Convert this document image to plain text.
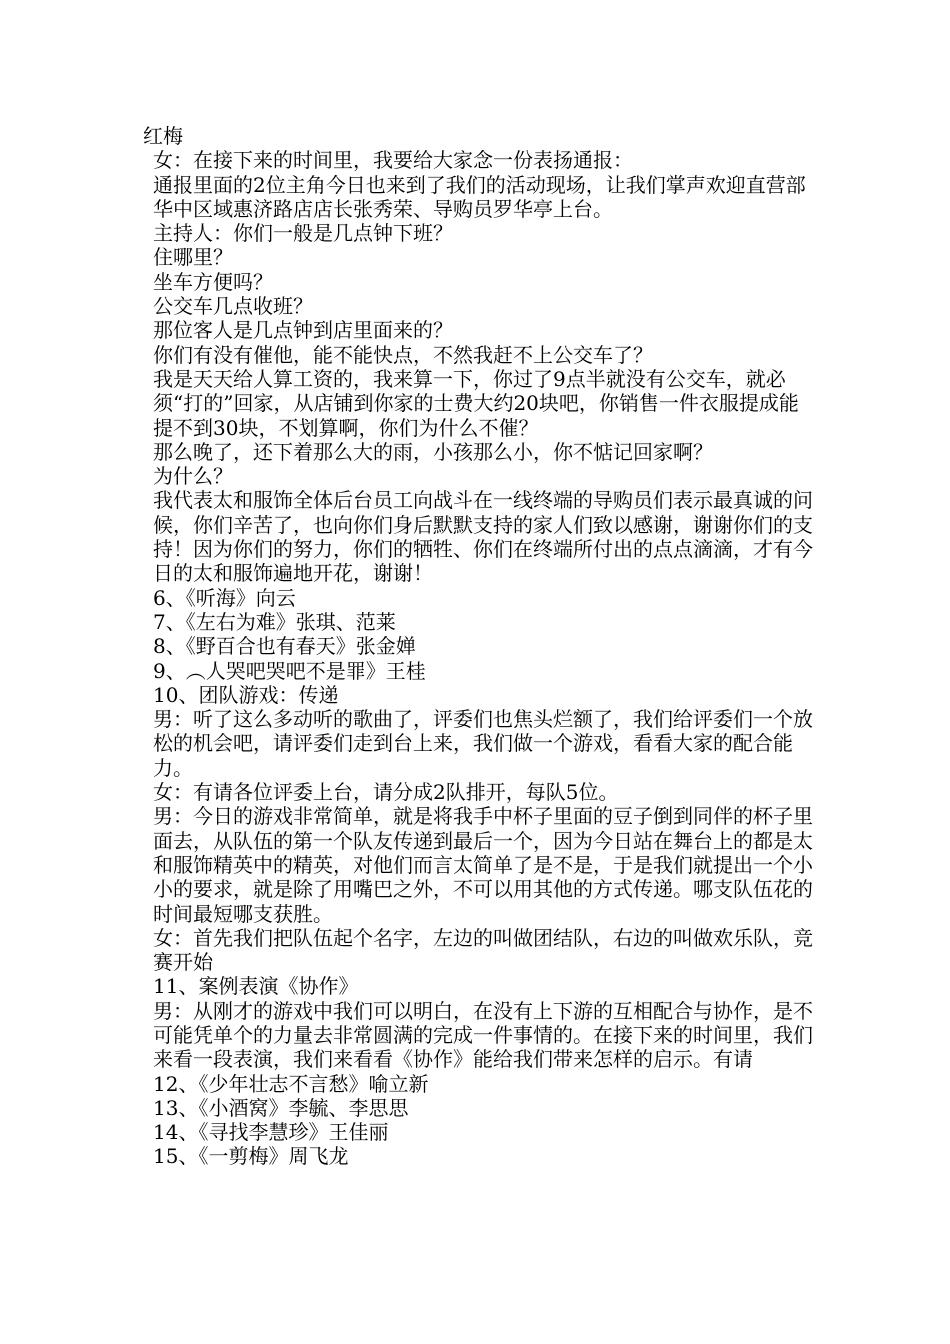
红梅

女：在接下来的时间里，我要给大家念一份表扬通报：

通报里面的2位主角今日也来到了我们的活动现场，让我们掌声欢迎直营部华中区域惠济路店店长张秀荣、导购员罗华亭上台。

主持人：你们一般是几点钟下班？

住哪里？

坐车方便吗？

公交车几点收班？

那位客人是几点钟到店里面来的？

你们有没有催他，能不能快点，不然我赶不上公交车了？

我是天天给人算工资的，我来算一下，你过了9点半就没有公交车，就必须“打的”回家，从店铺到你家的士费大约20块吧，你销售一件衣服提成能提不到30块，不划算啊，你们为什么不催？

那么晚了，还下着那么大的雨，小孩那么小，你不惦记回家啊？

为什么？

我代表太和服饰全体后台员工向战斗在一线终端的导购员们表示最真诚的问候，你们辛苦了，也向你们身后默默支持的家人们致以感谢，谢谢你们的支持！因为你们的努力，你们的牺牲、你们在终端所付出的点点滴滴，才有今日的太和服饰遍地开花，谢谢！

6、《听海》向云

7、《左右为难》张琪、范莱

8、《野百合也有春天》张金婵

9、︵人哭吧哭吧不是罪》王桂

10、团队游戏：传递

男：听了这么多动听的歌曲了，评委们也焦头烂额了，我们给评委们一个放松的机会吧，请评委们走到台上来，我们做一个游戏，看看大家的配合能力。

女：有请各位评委上台，请分成2队排开，每队5位。

男：今日的游戏非常简单，就是将我手中杯子里面的豆子倒到同伴的杯子里面去，从队伍的第一个队友传递到最后一个，因为今日站在舞台上的都是太和服饰精英中的精英，对他们而言太简单了是不是，于是我们就提出一个小小的要求，就是除了用嘴巴之外，不可以用其他的方式传递。哪支队伍花的时间最短哪支获胜。

女：首先我们把队伍起个名字，左边的叫做团结队，右边的叫做欢乐队，竞赛开始

11、案例表演《协作》

男：从刚才的游戏中我们可以明白，在没有上下游的互相配合与协作，是不可能凭单个的力量去非常圆满的完成一件事情的。在接下来的时间里，我们来看一段表演，我们来看看《协作》能给我们带来怎样的启示。有请

12、《少年壮志不言愁》喻立新

13、《小酒窝》李毓、李思思

14、《寻找李慧珍》王佳丽

15、《一剪梅》周飞龙
